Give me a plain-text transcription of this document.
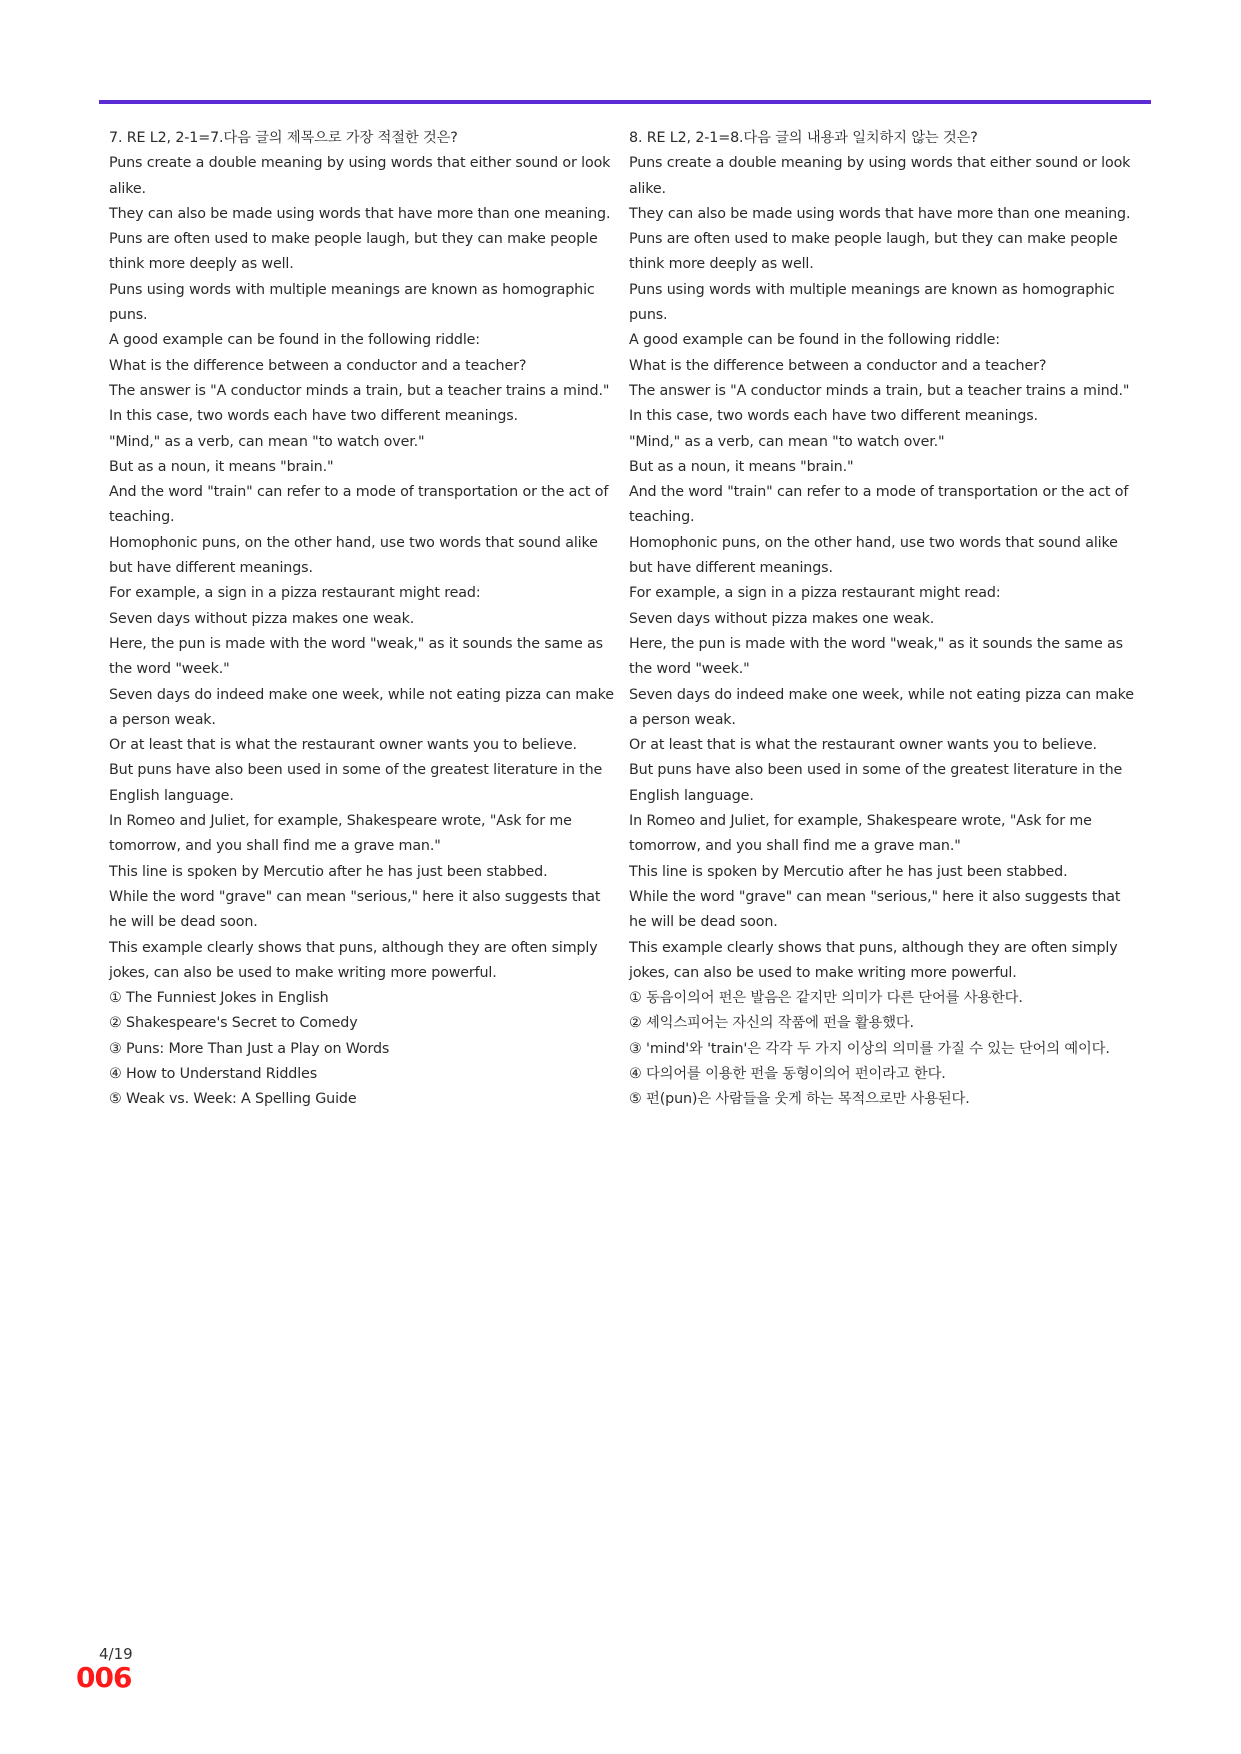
7. RE L2, 2-1=7.다음 글의 제목으로 가장 적절한 것은?
Puns create a double meaning by using words that either sound or look alike.
They can also be made using words that have more than one meaning.
Puns are often used to make people laugh, but they can make people think more deeply as well.
Puns using words with multiple meanings are known as homographic puns.
A good example can be found in the following riddle:
What is the difference between a conductor and a teacher?
The answer is "A conductor minds a train, but a teacher trains a mind."
In this case, two words each have two different meanings.
"Mind," as a verb, can mean "to watch over."
But as a noun, it means "brain."
And the word "train" can refer to a mode of transportation or the act of teaching.
Homophonic puns, on the other hand, use two words that sound alike but have different meanings.
For example, a sign in a pizza restaurant might read:
Seven days without pizza makes one weak.
Here, the pun is made with the word "weak," as it sounds the same as the word "week."
Seven days do indeed make one week, while not eating pizza can make a person weak.
Or at least that is what the restaurant owner wants you to believe.
But puns have also been used in some of the greatest literature in the English language.
In Romeo and Juliet, for example, Shakespeare wrote, "Ask for me tomorrow, and you shall find me a grave man."
This line is spoken by Mercutio after he has just been stabbed.
While the word "grave" can mean "serious," here it also suggests that he will be dead soon.
This example clearly shows that puns, although they are often simply jokes, can also be used to make writing more powerful.
① The Funniest Jokes in English
② Shakespeare's Secret to Comedy
③ Puns: More Than Just a Play on Words
④ How to Understand Riddles
⑤ Weak vs. Week: A Spelling Guide
8. RE L2, 2-1=8.다음 글의 내용과 일치하지 않는 것은?
Puns create a double meaning by using words that either sound or look alike.
They can also be made using words that have more than one meaning.
Puns are often used to make people laugh, but they can make people think more deeply as well.
Puns using words with multiple meanings are known as homographic puns.
A good example can be found in the following riddle:
What is the difference between a conductor and a teacher?
The answer is "A conductor minds a train, but a teacher trains a mind."
In this case, two words each have two different meanings.
"Mind," as a verb, can mean "to watch over."
But as a noun, it means "brain."
And the word "train" can refer to a mode of transportation or the act of teaching.
Homophonic puns, on the other hand, use two words that sound alike but have different meanings.
For example, a sign in a pizza restaurant might read:
Seven days without pizza makes one weak.
Here, the pun is made with the word "weak," as it sounds the same as the word "week."
Seven days do indeed make one week, while not eating pizza can make a person weak.
Or at least that is what the restaurant owner wants you to believe.
But puns have also been used in some of the greatest literature in the English language.
In Romeo and Juliet, for example, Shakespeare wrote, "Ask for me tomorrow, and you shall find me a grave man."
This line is spoken by Mercutio after he has just been stabbed.
While the word "grave" can mean "serious," here it also suggests that he will be dead soon.
This example clearly shows that puns, although they are often simply jokes, can also be used to make writing more powerful.
① 동음이의어 펀은 발음은 같지만 의미가 다른 단어를 사용한다.
② 셰익스피어는 자신의 작품에 펀을 활용했다.
③ 'mind'와 'train'은 각각 두 가지 이상의 의미를 가질 수 있는 단어의 예이다.
④ 다의어를 이용한 펀을 동형이의어 펀이라고 한다.
⑤ 펀(pun)은 사람들을 웃게 하는 목적으로만 사용된다.
4/19
006
